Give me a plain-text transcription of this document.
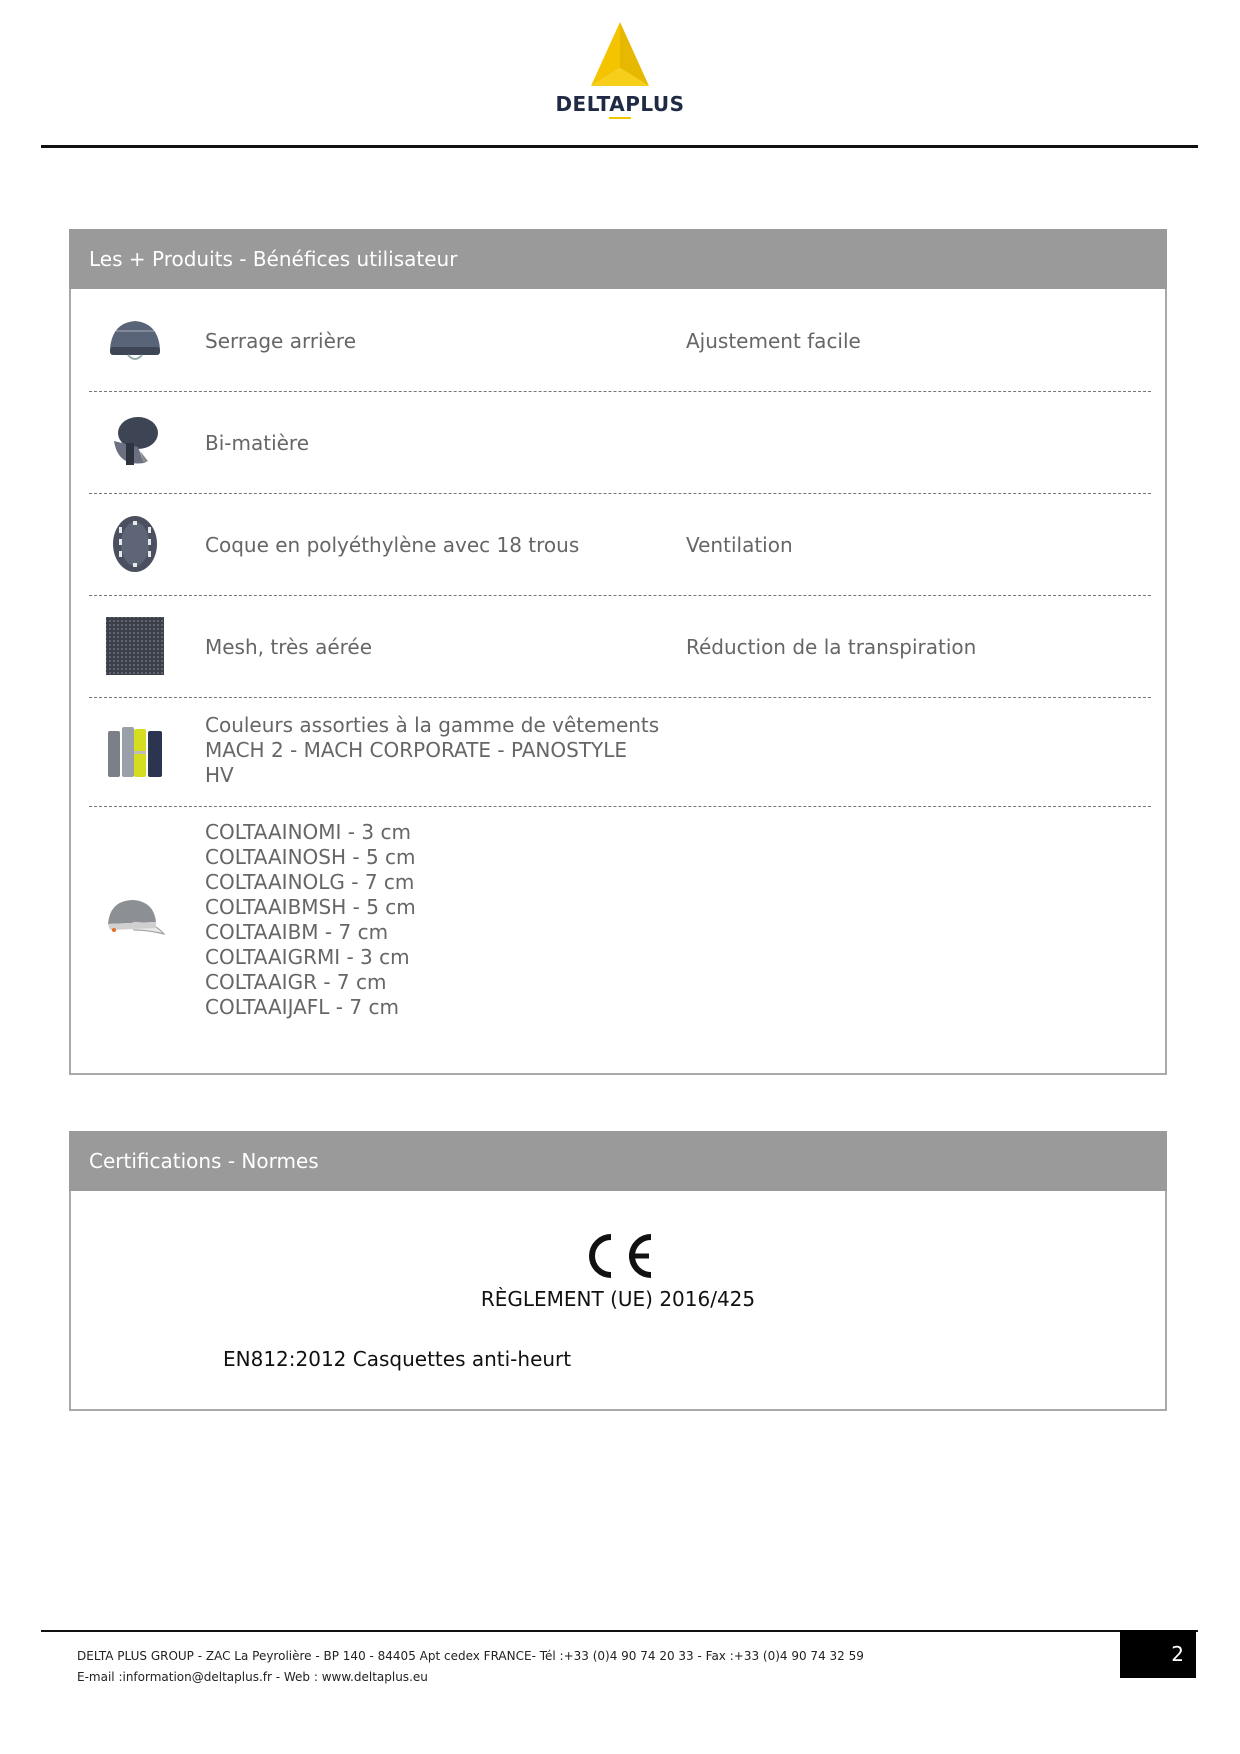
DELTAPLUS
Les + Produits - Bénéfices utilisateur
Serrage arrière	Ajustement facile
Bi-matière
Coque en polyéthylène avec 18 trous	Ventilation
Mesh, très aérée	Réduction de la transpiration
Couleurs assorties à la gamme de vêtements
MACH 2 - MACH CORPORATE - PANOSTYLE
HV
COLTAAINOMI - 3 cm
COLTAAINOSH - 5 cm
COLTAAINOLG - 7 cm
COLTAAIBMSH - 5 cm
COLTAAIBM - 7 cm
COLTAAIGRMI - 3 cm
COLTAAIGR - 7 cm
COLTAAIJAFL - 7 cm
Certifications - Normes
RÈGLEMENT (UE) 2016/425
EN812:2012 Casquettes anti-heurt
DELTA PLUS GROUP - ZAC La Peyrolière - BP 140 - 84405 Apt cedex FRANCE- Tél :+33 (0)4 90 74 20 33 - Fax :+33 (0)4 90 74 32 59
E-mail :information@deltaplus.fr - Web : www.deltaplus.eu
2
